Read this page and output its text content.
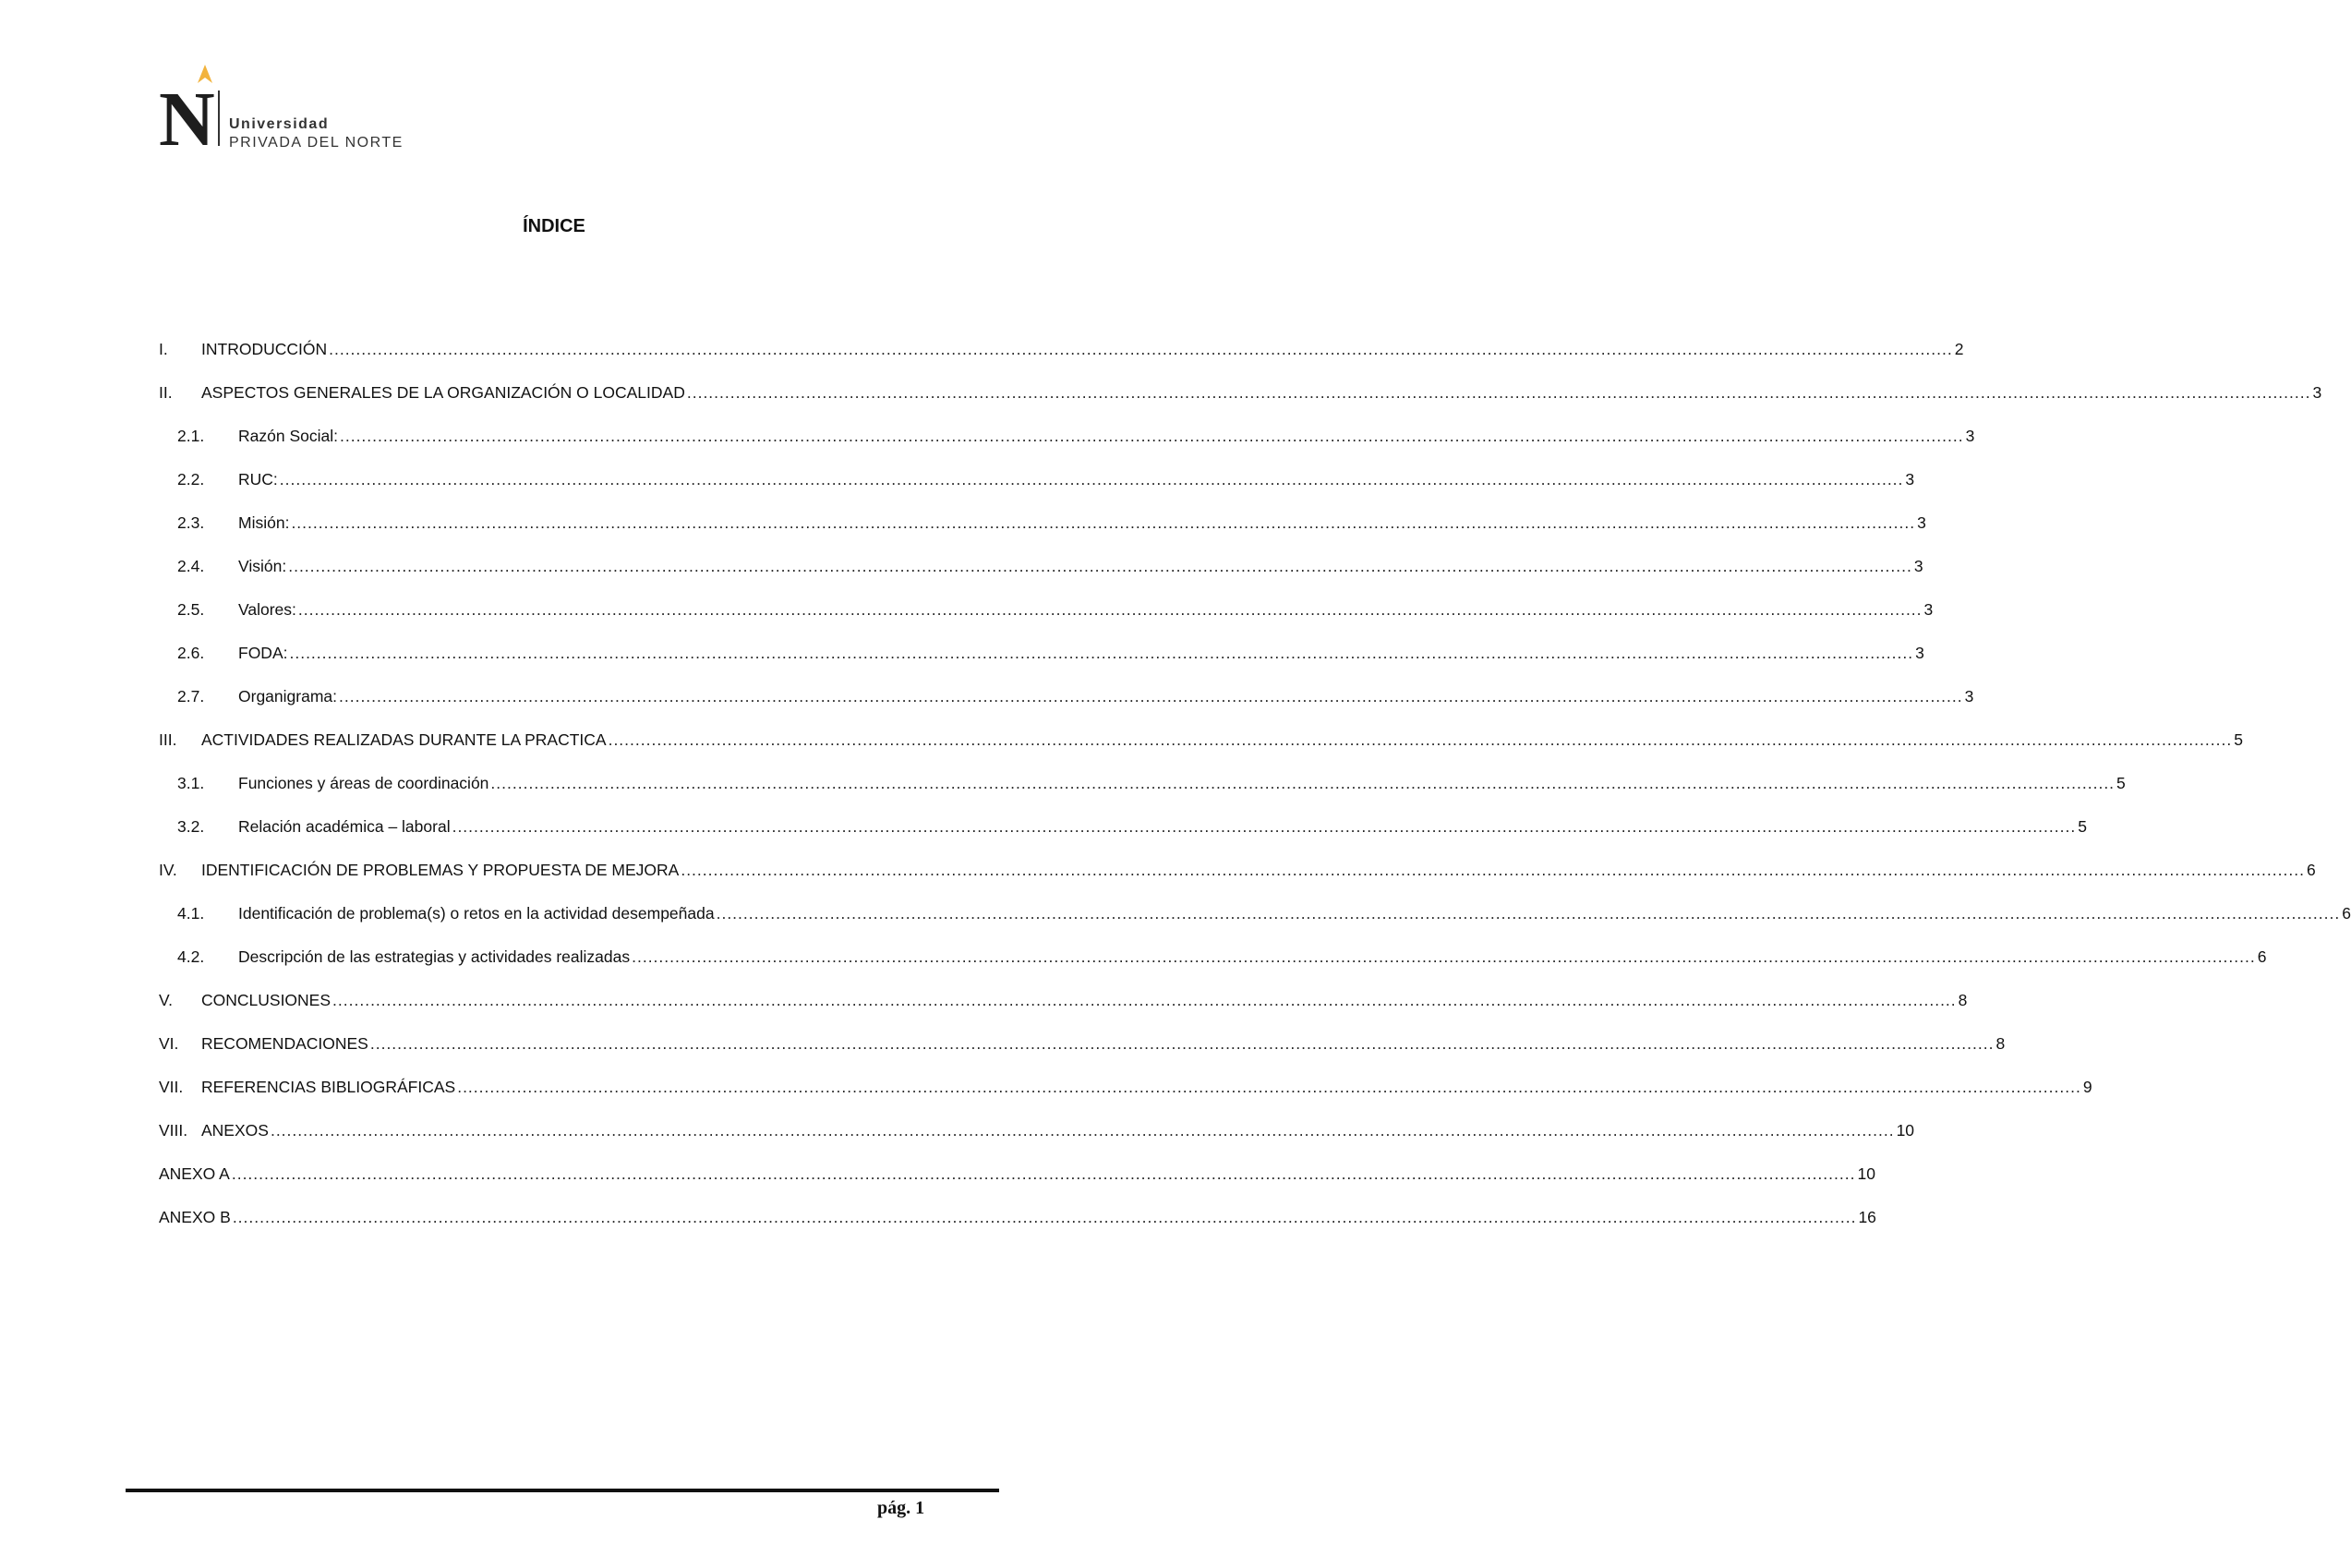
N Universidad
PRIVADA DEL NORTE
ÍNDICE
I.	INTRODUCCIÓN ............................................................................................................................................................................................................................................................................................................ 2
II.	ASPECTOS GENERALES DE LA ORGANIZACIÓN O LOCALIDAD ............................................................................................................................................................................................................................................................................................................ 3
2.1.	Razón Social: ............................................................................................................................................................................................................................................................................................................ 3
2.2.	RUC: ............................................................................................................................................................................................................................................................................................................ 3
2.3.	Misión: ............................................................................................................................................................................................................................................................................................................ 3
2.4.	Visión: ............................................................................................................................................................................................................................................................................................................ 3
2.5.	Valores: ............................................................................................................................................................................................................................................................................................................ 3
2.6.	FODA: ............................................................................................................................................................................................................................................................................................................ 3
2.7.	Organigrama: ............................................................................................................................................................................................................................................................................................................ 3
III.	ACTIVIDADES REALIZADAS DURANTE LA PRACTICA ............................................................................................................................................................................................................................................................................................................ 5
3.1.	Funciones y áreas de coordinación ............................................................................................................................................................................................................................................................................................................ 5
3.2.	Relación académica – laboral ............................................................................................................................................................................................................................................................................................................ 5
IV.	IDENTIFICACIÓN DE PROBLEMAS Y PROPUESTA DE MEJORA ............................................................................................................................................................................................................................................................................................................ 6
4.1.	Identificación de problema(s) o retos en la actividad desempeñada ............................................................................................................................................................................................................................................................................................................ 6
4.2.	Descripción de las estrategias y actividades realizadas ............................................................................................................................................................................................................................................................................................................ 6
V.	CONCLUSIONES ............................................................................................................................................................................................................................................................................................................ 8
VI.	RECOMENDACIONES ............................................................................................................................................................................................................................................................................................................ 8
VII.	REFERENCIAS BIBLIOGRÁFICAS ............................................................................................................................................................................................................................................................................................................ 9
VIII. ANEXOS ............................................................................................................................................................................................................................................................................................................ 10
ANEXO A ............................................................................................................................................................................................................................................................................................................ 10
ANEXO B ............................................................................................................................................................................................................................................................................................................ 16
pág. 1
